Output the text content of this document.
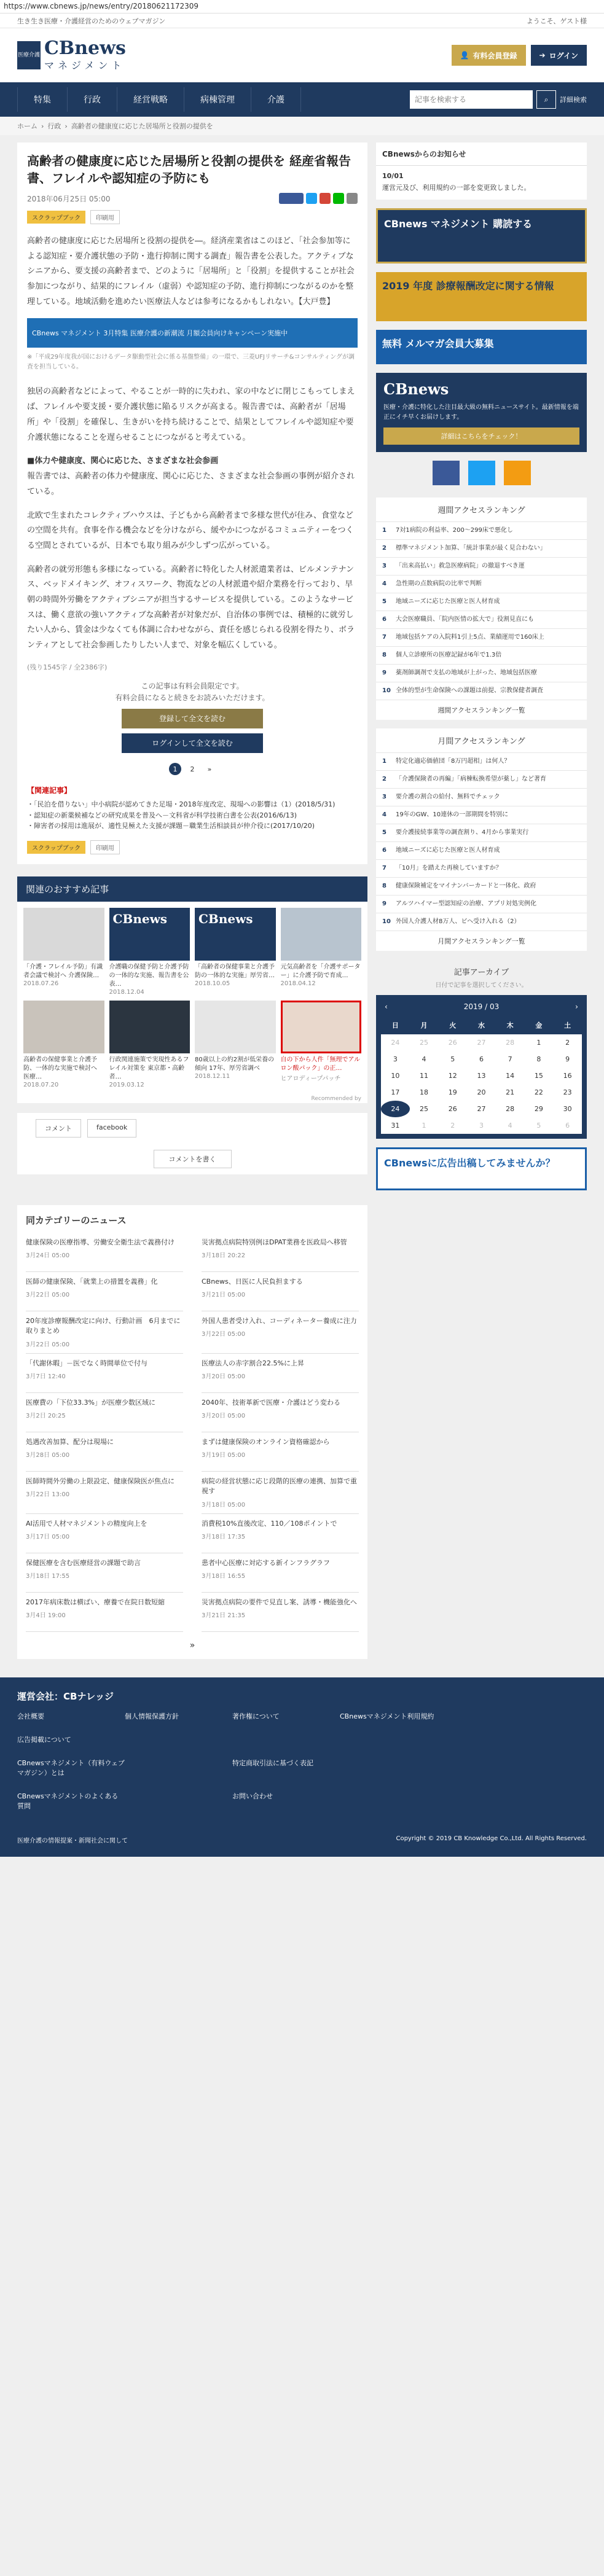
https://www.cbnews.jp/news/entry/20180621172309
生き生き医療・介護経営のためのウェブマガジン	ようこそ、ゲスト様
医療介護 CBnews
マネジメント
👤 有料会員登録	➔ ログイン
特集	行政	経営戦略	病棟管理	介護
記事を検索する	⌕ 詳細検索
ホーム › 行政 › 高齢者の健康度に応じた居場所と役割の提供を
高齢者の健康度に応じた居場所と役割の提供を 経産省報告書、フレイルや認知症の予防にも
2018年06月25日 05:00
スクラップブック 印刷用

高齢者の健康度に応じた居場所と役割の提供を―。経済産業省はこのほど、「社会参加等による認知症・要介護状態の予防・進行抑制に関する調査」報告書を公表した。アクティブなシニアから、要支援の高齢者まで、どのように「居場所」と「役割」を提供することが社会参加につながり、結果的にフレイル（虚弱）や認知症の予防、進行抑制につながるのかを整理している。地域活動を進めたい医療法人などは参考になるかもしれない。【大戸豊】

CBnews マネジメント 3月特集 医療介護の新潮流 月額会員向けキャンペーン実施中

※「平成29年度我が国におけるデータ駆動型社会に係る基盤整備」の一環で、三菱UFJリサーチ&コンサルティングが調査を担当している。

独居の高齢者などによって、やることが一時的に失われ、家の中などに閉じこもってしまえば、フレイルや要支援・要介護状態に陥るリスクが高まる。報告書では、高齢者が「居場所」や「役割」を確保し、生きがいを持ち続けることで、結果としてフレイルや認知症や要介護状態になることを遅らせることにつながると考えている。

■体力や健康度、関心に応じた、さまざまな社会参画

報告書では、高齢者の体力や健康度、関心に応じた、さまざまな社会参画の事例が紹介されている。

北欧で生まれたコレクティブハウスは、子どもから高齢者まで多様な世代が住み、食堂などの空間を共有。食事を作る機会などを分けながら、緩やかにつながるコミュニティーをつくる空間とされているが、日本でも取り組みが少しずつ広がっている。

高齢者の就労形態も多様になっている。高齢者に特化した人材派遣業者は、ビルメンテナンス、ベッドメイキング、オフィスワーク、物流などの人材派遣や紹介業務を行っており、早朝の時間外労働をアクティブシニアが担当するサービスを提供している。このようなサービスは、働く意欲の強いアクティブな高齢者が対象だが、自治体の事例では、積極的に就労したい人から、賃金は少なくても体調に合わせながら、責任を感じられる役割を得たり、ボランティアとして社会参画したりしたい人まで、対象を幅広くしている。

(残り1545字 / 全2386字)
この記事は有料会員限定です。
有料会員になると続きをお読みいただけます。
登録して全文を読む
ログインして全文を読む
1	2	»
【関連記事】
・「民泊を借りない」中小病院が認めてきた足場・2018年度改定、現場への影響は（1）(2018/5/31)
・認知症の新薬候補などの研究成果を普及へ－文科省が科学技術白書を公表(2016/6/13)
・障害者の採用は進展が、適性見極えた支援が課題－職業生活相談員が仲介役に(2017/10/20)
スクラップブック 印刷用
関連のおすすめ記事
「介護・フレイル予防」有識者会議で検討へ 介護保険…
2018.07.26
CBnews
介護職の保健予防と介護予防の一体的な実施、報告書を公表…
2018.12.04
CBnews
「高齢者の保健事業と介護予防の一体的な実施」厚労省…
2018.10.05
元気高齢者を「介護サポーター」に介護予防で育成…
2018.04.12
高齢者の保健事業と介護予防、一体的な実施で検討へ 医療…
2018.07.20
行政関連施策で実現性あるフレイル対策を 東京都・高齢者…
2019.03.12
80歳以上の約2割が低栄養の傾向 17年、厚労省調べ
2018.12.11
自の下から人件「無理でアルロン酸パック」の正…
ヒアロディープパッチ
Recommended by
コメント	facebook
コメントを書く
同カテゴリーのニュース
健康保険の医療指導、労働安全衛生法で義務付け
3月24日 05:00
災害拠点病院特別例ほDPAT業務を医政局へ移管
3月18日 20:22
医師の健康保険、「就業上の措置を義務」化
3月22日 05:00
CBnews、日医に人民負担まする
3月21日 05:00
20年度診療報酬改定に向け、行動計画　6月までに取りまとめ
3月22日 05:00
外国人患者受け入れ、コーディネーター養成に注力
3月22日 05:00
「代謝休暇」－医でなく時間単位で付与
3月7日 12:40
医療法人の赤字割合22.5%に上昇
3月20日 05:00
医療費の「下位33.3%」が医療少数区域に
3月2日 20:25
2040年、技術革新で医療・介護はどう変わる
3月20日 05:00
処遇改善加算、配分は現場に
3月28日 05:00
まずは健康保険のオンライン資格確認から
3月19日 05:00
医師時間外労働の上限設定、健康保険医が焦点に
3月22日 13:00
病院の経営状態に応じ段階的医療の連携、加算で重視す
3月18日 05:00
AI活用で人材マネジメントの精度向上を
3月17日 05:00
消費税10%直後改定、110／108ポイントで
3月18日 17:35
保健医療を含む医療経営の課題で助言
3月18日 17:55
患者中心医療に対応する新インフラグラフ
3月18日 16:55
2017年病床数は横ばい、療養で在院日数短縮
3月4日 19:00
災害拠点病院の要件で見直し案、誘導・機能強化へ
3月21日 21:35
»
CBnewsからのお知らせ
10/01

運営元及び、利用規約の一部を変更致しました。

CBnews マネジメント 購読する
2019 年度 診療報酬改定に関する情報
無料 メルマガ会員大募集
CBnews

医療・介護に特化した注目最大級の無料ニュースサイト。最新情報を端正にイチ早くお届けします。

詳細はこちらをチェック！
週間アクセスランキング
1	7対1病院の利益率、200〜299床で悪化し
2	標準マネジメント加算、「統計事業が最く見合わない」
3	「出来高払い」救急医療病院」の撤退すべき運
4	急性期の点数病院の比率で判断
5	地域ニーズに応じた医療と医人材育成
6	大会医療職員、「院内医情の拡大で」役割見直にも
7	地域包括ケアの入院料1引上5点、業績運用で160床上
8	個人立診療所の医療記録が6年で1.3倍
9	薬剤師調剤で支払の地域が上がった、地域包括医療
10 全体的型が生命保険への課題は前提、宗教保健者調査
週間アクセスランキング一覧
月間アクセスランキング
1	特定化適応価値団「8万円超相」は何人？
2	「介護保険者の再編」「病棟転換希望が薬し」など著育
3	要介護の割合の給付、無料でチェック
4	19年のGW、10連休の一部期間を特別に
5	要介護接続事業等の調査割り、4月から事業実行
6	地域ニーズに応じた医療と医人材育成
7	「10月」を踏えた再検していますか？
8	健康保険補定をマイナンバーカードと一体化、政府
9	アルツハイマー型認知症の治療、アプリ対処実例化
10 外国人介護人材8万人、ビヘ受け入れる（2）
月間アクセスランキング一覧
記事アーカイブ
日付で記事を選択してください。
‹	2019 / 03	›
日	月	火	水	木	金	土
24	25	26	27	28	1	2
3	4	5	6	7	8	9
10	11	12	13	14	15	16
17	18	19	20	21	22	23
24	25	26	27	28	29	30
31	1	2	3	4	5	6
CBnewsに広告出稿してみませんか？
運営会社：CBナレッジ
会社概要	個人情報保護方針	著作権について	CBnewsマネジメント利用規約
広告掲載について
CBnewsマネジメント（有料ウェブマガジン）とは
特定商取引法に基づく表記
CBnewsマネジメントのよくある質問
お問い合わせ
医療介護の情報提案・新聞社会に関して	Copyright © 2019 CB Knowledge Co.,Ltd. All Rights Reserved.
